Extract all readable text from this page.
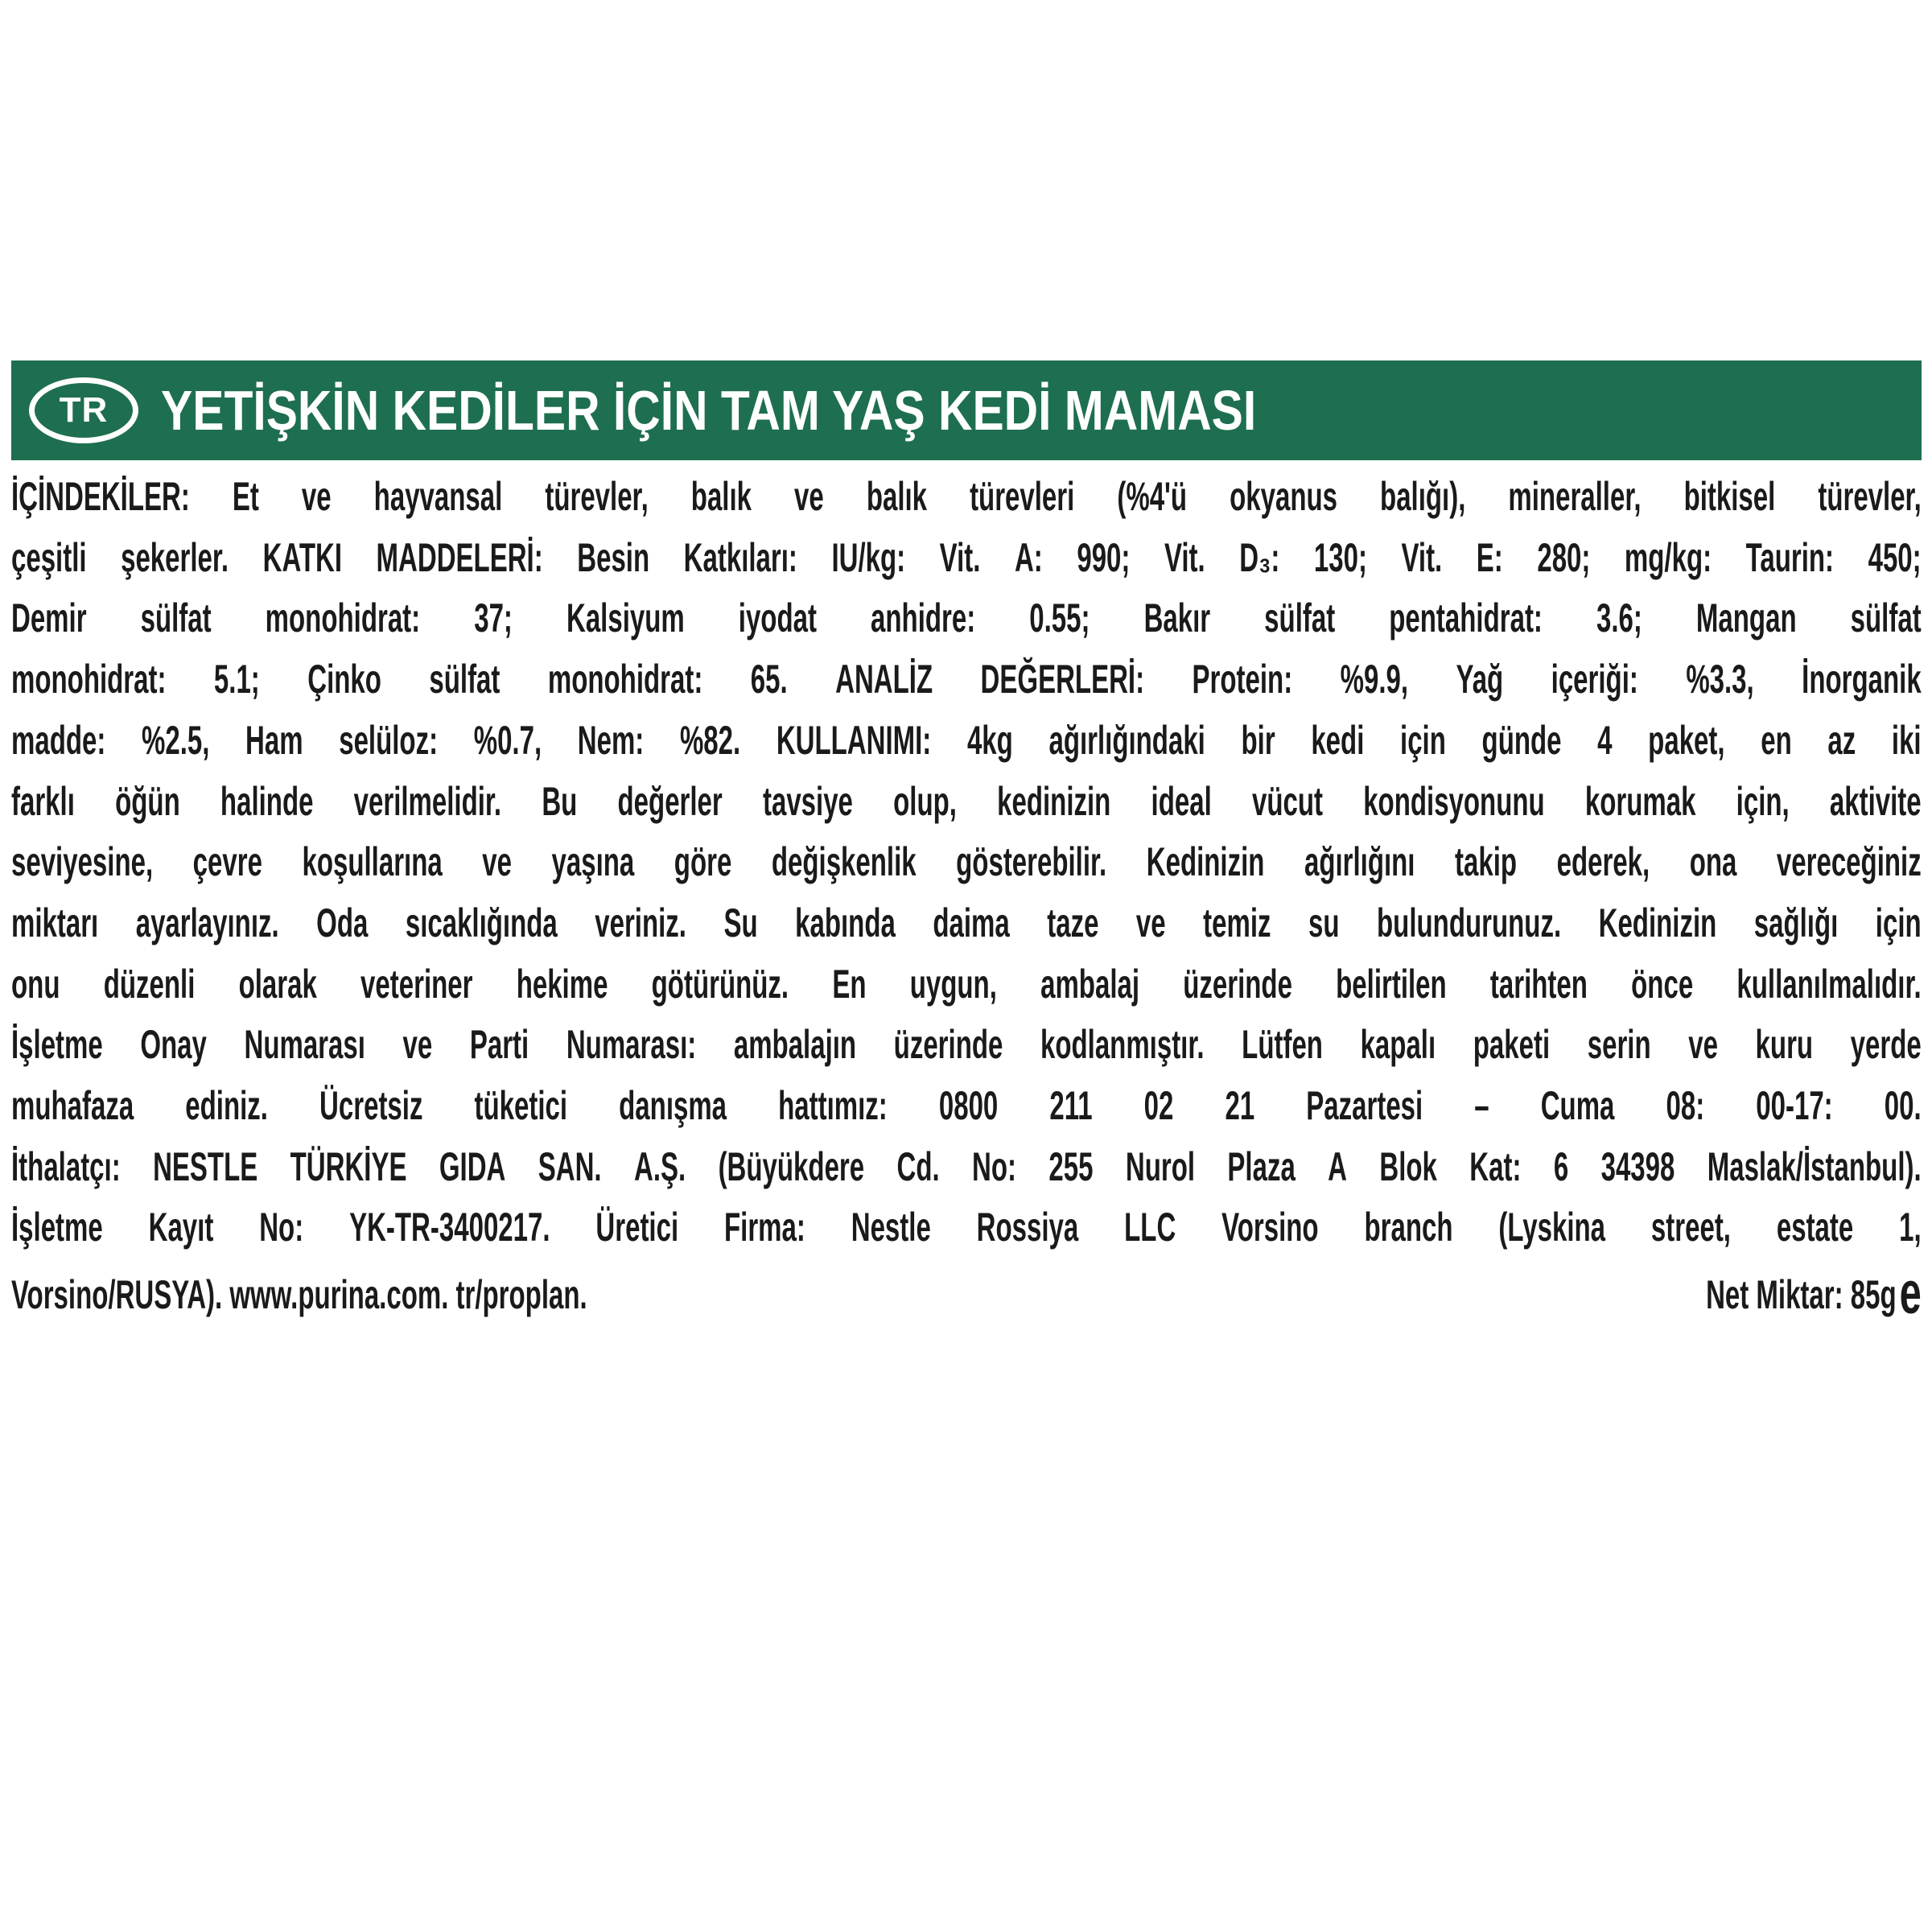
TR YETİŞKİN KEDİLER İÇİN TAM YAŞ KEDİ MAMASI
İÇİNDEKİLER: Et ve hayvansal türevler, balık ve balık türevleri (%4'ü okyanus balığı), mineraller, bitkisel türevler,
çeşitli şekerler. KATKI MADDELERİ: Besin Katkıları: IU/kg: Vit. A: 990; Vit. D₃: 130; Vit. E: 280; mg/kg: Taurin: 450;
Demir sülfat monohidrat: 37; Kalsiyum iyodat anhidre: 0.55; Bakır sülfat pentahidrat: 3.6; Mangan sülfat
monohidrat: 5.1; Çinko sülfat monohidrat: 65. ANALİZ DEĞERLERİ: Protein: %9.9, Yağ içeriği: %3.3, İnorganik
madde: %2.5, Ham selüloz: %0.7, Nem: %82. KULLANIMI: 4kg ağırlığındaki bir kedi için günde 4 paket, en az iki
farklı öğün halinde verilmelidir. Bu değerler tavsiye olup, kedinizin ideal vücut kondisyonunu korumak için, aktivite
seviyesine, çevre koşullarına ve yaşına göre değişkenlik gösterebilir. Kedinizin ağırlığını takip ederek, ona vereceğiniz
miktarı ayarlayınız. Oda sıcaklığında veriniz. Su kabında daima taze ve temiz su bulundurunuz. Kedinizin sağlığı için
onu düzenli olarak veteriner hekime götürünüz. En uygun, ambalaj üzerinde belirtilen tarihten önce kullanılmalıdır.
İşletme Onay Numarası ve Parti Numarası: ambalajın üzerinde kodlanmıştır. Lütfen kapalı paketi serin ve kuru yerde
muhafaza ediniz. Ücretsiz tüketici danışma hattımız: 0800 211 02 21 Pazartesi – Cuma 08: 00-17: 00.
İthalatçı: NESTLE TÜRKİYE GIDA SAN. A.Ş. (Büyükdere Cd. No: 255 Nurol Plaza A Blok Kat: 6 34398 Maslak/İstanbul).
İşletme Kayıt No: YK-TR-3400217. Üretici Firma: Nestle Rossiya LLC Vorsino branch (Lyskina street, estate 1,
Vorsino/RUSYA). www.purina.com. tr/proplan.	Net Miktar: 85ge
